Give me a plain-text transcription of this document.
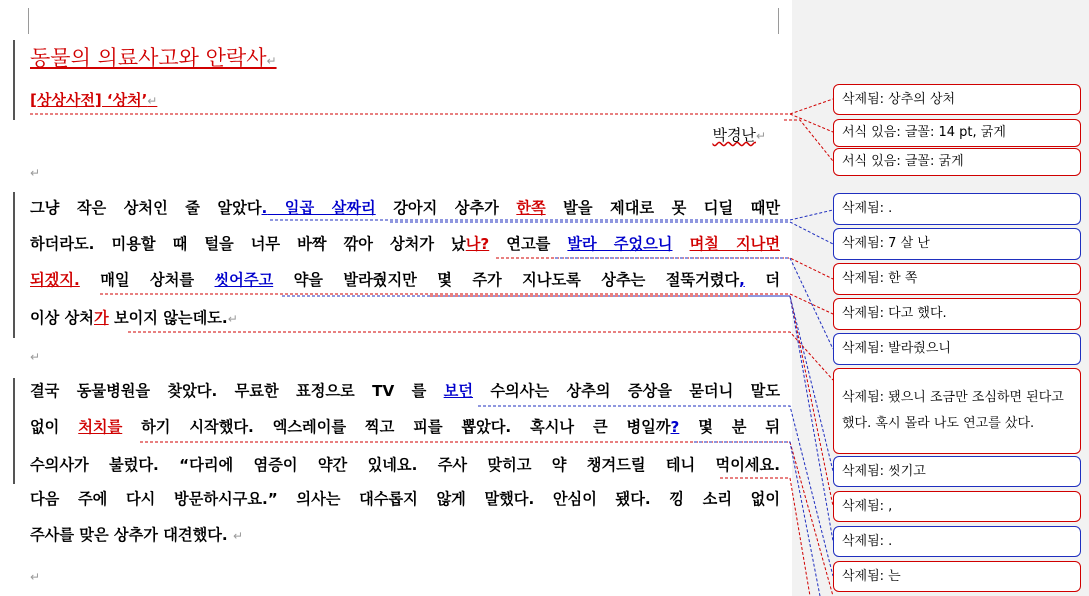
동물의 의료사고와 안락사↵
[상상사전] ‘상처’↵
박경난↵
↵
그냥 작은 상처인 줄 알았다. 일곱 살짜리 강아지 상추가 한쪽 발을 제대로 못 디딜 때만
하더라도. 미용할 때 털을 너무 바짝 깎아 상처가 났나? 연고를 발라 주었으니 며칠 지나면
되겠지. 매일 상처를 씻어주고 약을 발라줬지만 몇 주가 지나도록 상추는 절뚝거렸다, 더
이상 상처가 보이지 않는데도.↵
↵
결국 동물병원을 찾았다. 무료한 표정으로 TV 를 보던 수의사는 상추의 증상을 묻더니 말도
없이 처치를 하기 시작했다. 엑스레이를 찍고 피를 뽑았다. 혹시나 큰 병일까? 몇 분 뒤
수의사가 불렀다. “다리에 염증이 약간 있네요. 주사 맞히고 약 챙겨드릴 테니 먹이세요.
다음 주에 다시 방문하시구요.” 의사는 대수롭지 않게 말했다. 안심이 됐다. 낑 소리 없이
주사를 맞은 상추가 대견했다. ↵
↵
삭제됨: 상추의 상처
서식 있음: 글꼴: 14 pt, 굵게
서식 있음: 글꼴: 굵게
삭제됨: .
삭제됨: 7 살 난
삭제됨: 한 쪽
삭제됨: 다고 했다.
삭제됨: 발라줬으니
삭제됨: 됐으니 조금만 조심하면 된다고 했다. 혹시 몰라 나도 연고를 샀다.
삭제됨: 씻기고
삭제됨: ,
삭제됨: .
삭제됨: 는
